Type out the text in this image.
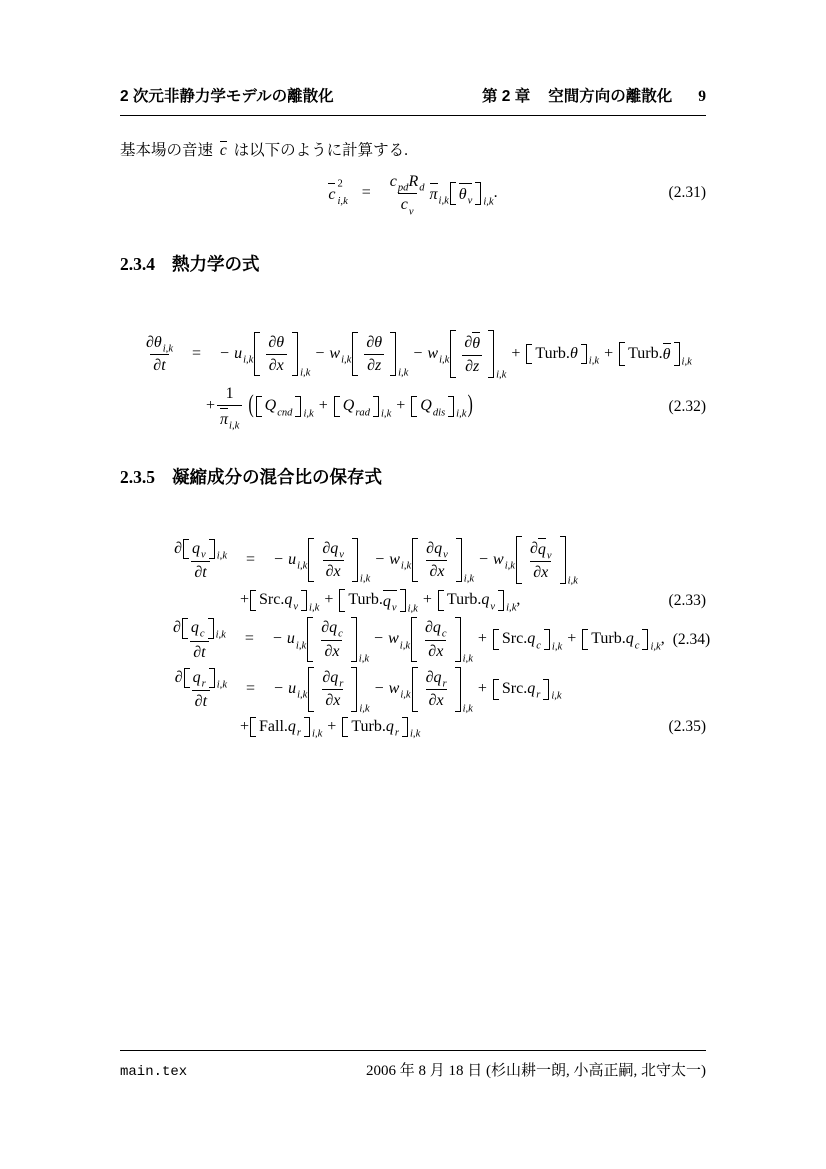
2 次元非静力学モデルの離散化	第 2 章 空間方向の離散化 9

基本場の音速 c は以下のように計算する.

c
2
i , k
=
c p d R d
c v
π i , k θ v i , k
.	(2.31)
2.3.4 熱力学の式
$\frac{\text{∂ θ i , k}}{\partial t}$ = − u i , k $\frac{\partial \theta}{\partial x}$ i , k
− w i , k $\frac{\partial \theta}{\partial z}$ i , k
− w i , k $\frac{\partial \theta}{\partial z}$ i , k
+ Turb. θ i , k + Turb. θ i , k
+ $\frac{1}{\text{π i , k}}$ ( Q c n d i , k + Q r a d i , k + Q d i s i , k )	(2.32)
2.3.5 凝縮成分の混合比の保存式
∂ q v i , k
∂ t
= − u i , k $\frac{\text{∂ q v}}{\partial x}$ i , k
− w i , k $\frac{\text{∂ q v}}{\partial x}$ i , k
− w i , k $\frac{\text{∂ q v}}{\partial x}$ i , k
+ Src. q v i , k + Turb. q v i , k
+ Turb. q v i , k ,	(2.33)
∂ q c i , k
∂ t
= − u i , k $\frac{\text{∂ q c}}{\partial x}$ i , k
− w i , k $\frac{\text{∂ q c}}{\partial x}$ i , k
+ Src. q c i , k + Turb. q c i , k , (2.34)
∂ q r i , k
∂ t
= − u i , k $\frac{\text{∂ q r}}{\partial x}$ i , k
− w i , k $\frac{\text{∂ q r}}{\partial x}$ i , k
+ Src. q r i , k
+ Fall. q r i , k + Turb. q r i , k	(2.35)
main.tex	2006 年 8 月 18 日 (杉山耕一朗, 小高正嗣, 北守太一)
